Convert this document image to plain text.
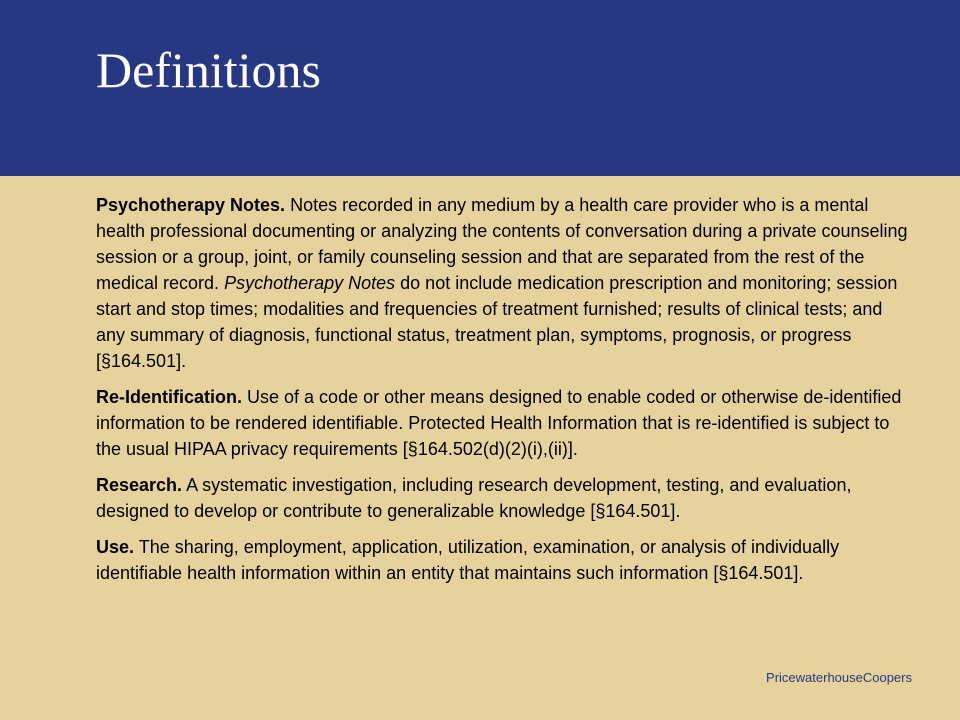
Definitions

Psychotherapy Notes. Notes recorded in any medium by a health care provider who is a mental health professional documenting or analyzing the contents of conversation during a private counseling session or a group, joint, or family counseling session and that are separated from the rest of the medical record. Psychotherapy Notes do not include medication prescription and monitoring; session start and stop times; modalities and frequencies of treatment furnished; results of clinical tests; and any summary of diagnosis, functional status, treatment plan, symptoms, prognosis, or progress [§164.501].

Re-Identification. Use of a code or other means designed to enable coded or otherwise de-identified information to be rendered identifiable. Protected Health Information that is re-identified is subject to the usual HIPAA privacy requirements [§164.502(d)(2)(i),(ii)].

Research. A systematic investigation, including research development, testing, and evaluation, designed to develop or contribute to generalizable knowledge [§164.501].

Use. The sharing, employment, application, utilization, examination, or analysis of individually identifiable health information within an entity that maintains such information [§164.501].

PricewaterhouseCoopers
